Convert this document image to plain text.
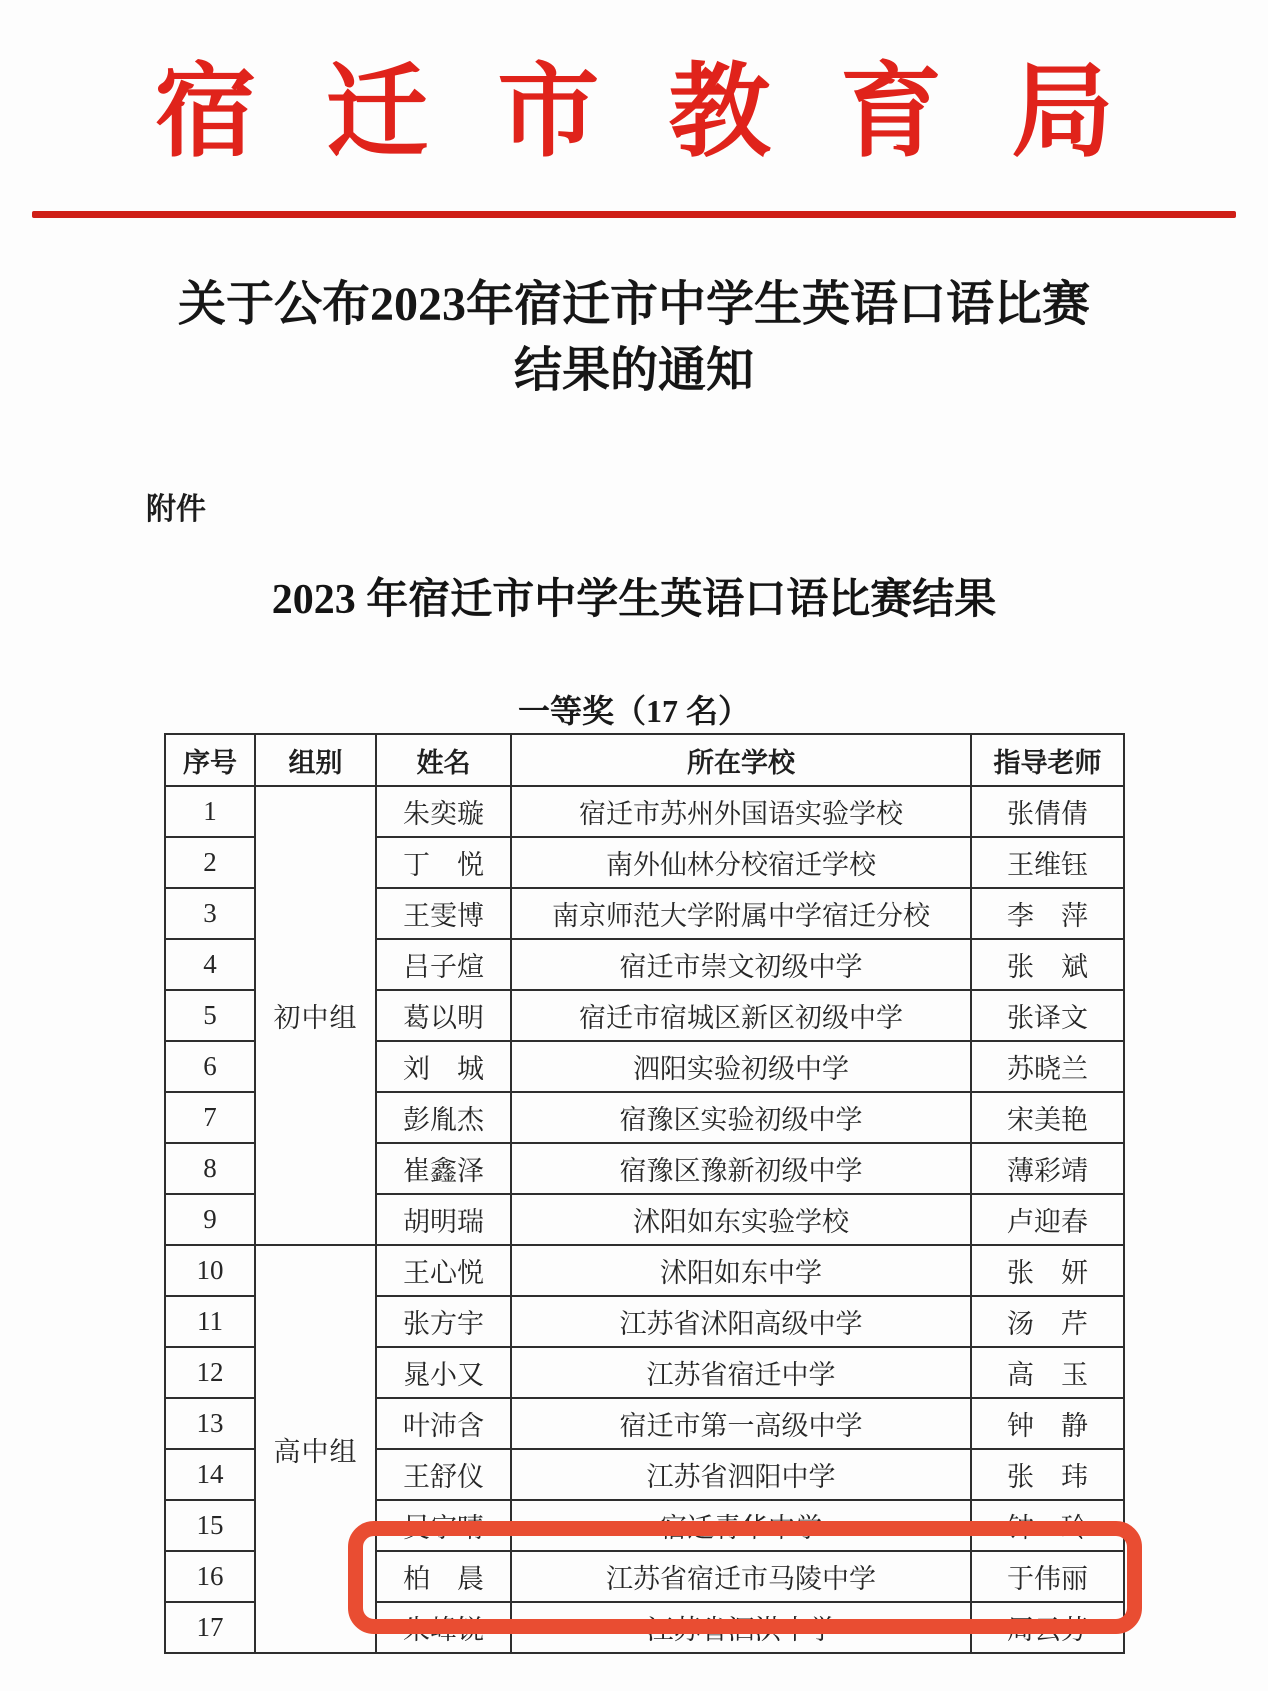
宿迁市教育局
关于公布2023年宿迁市中学生英语口语比赛
结果的通知
附件
2023 年宿迁市中学生英语口语比赛结果
一等奖（17 名）
序号	组别	姓名	所在学校	指导老师
1	初中组	朱奕璇	宿迁市苏州外国语实验学校	张倩倩
2		丁　悦	南外仙林分校宿迁学校	王维钰
3		王雯博	南京师范大学附属中学宿迁分校	李　萍
4		吕子煊	宿迁市崇文初级中学	张　斌
5		葛以明	宿迁市宿城区新区初级中学	张译文
6		刘　城	泗阳实验初级中学	苏晓兰
7		彭胤杰	宿豫区实验初级中学	宋美艳
8		崔鑫泽	宿豫区豫新初级中学	薄彩靖
9		胡明瑞	沭阳如东实验学校	卢迎春
10	高中组	王心悦	沭阳如东中学	张　妍
11		张方宇	江苏省沭阳高级中学	汤　芹
12		晁小又	江苏省宿迁中学	高　玉
13		叶沛含	宿迁市第一高级中学	钟　静
14		王舒仪	江苏省泗阳中学	张　玮
15		吴宇晴	宿迁青华中学	钟　玲
16		柏　晨	江苏省宿迁市马陵中学	于伟丽
17		朱峰锐	江苏省泗洪中学	周云芳
